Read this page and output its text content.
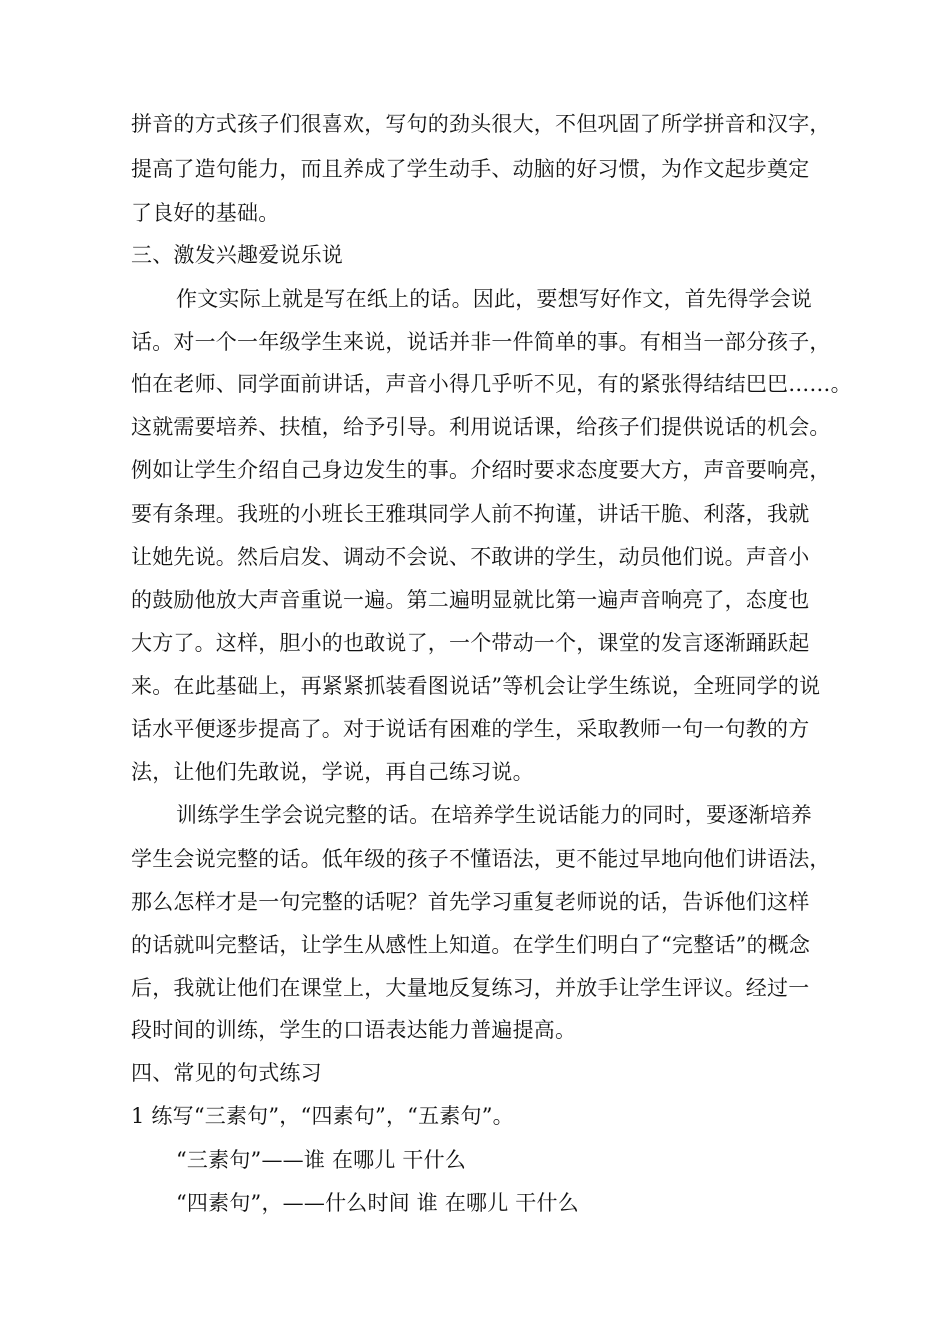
拼音的方式孩子们很喜欢，写句的劲头很大，不但巩固了所学拼音和汉字，
提高了造句能力，而且养成了学生动手、动脑的好习惯，为作文起步奠定
了良好的基础。
三、激发兴趣爱说乐说
作文实际上就是写在纸上的话。因此，要想写好作文，首先得学会说
话。对一个一年级学生来说，说话并非一件简单的事。有相当一部分孩子，
怕在老师、同学面前讲话，声音小得几乎听不见，有的紧张得结结巴巴……。
这就需要培养、扶植，给予引导。利用说话课，给孩子们提供说话的机会。
例如让学生介绍自己身边发生的事。介绍时要求态度要大方，声音要响亮，
要有条理。我班的小班长王雅琪同学人前不拘谨，讲话干脆、利落，我就
让她先说。然后启发、调动不会说、不敢讲的学生，动员他们说。声音小
的鼓励他放大声音重说一遍。第二遍明显就比第一遍声音响亮了，态度也
大方了。这样，胆小的也敢说了，一个带动一个，课堂的发言逐渐踊跃起
来。在此基础上，再紧紧抓装看图说话”等机会让学生练说，全班同学的说
话水平便逐步提高了。对于说话有困难的学生，采取教师一句一句教的方
法，让他们先敢说，学说，再自己练习说。
训练学生学会说完整的话。在培养学生说话能力的同时，要逐渐培养
学生会说完整的话。低年级的孩子不懂语法，更不能过早地向他们讲语法，
那么怎样才是一句完整的话呢？首先学习重复老师说的话，告诉他们这样
的话就叫完整话，让学生从感性上知道。在学生们明白了“完整话”的概念
后，我就让他们在课堂上，大量地反复练习，并放手让学生评议。经过一
段时间的训练，学生的口语表达能力普遍提高。
四、常见的句式练习
1 练写“三素句”，“四素句”，“五素句”。
“三素句”——谁 在哪儿 干什么
“四素句”，——什么时间 谁 在哪儿 干什么
